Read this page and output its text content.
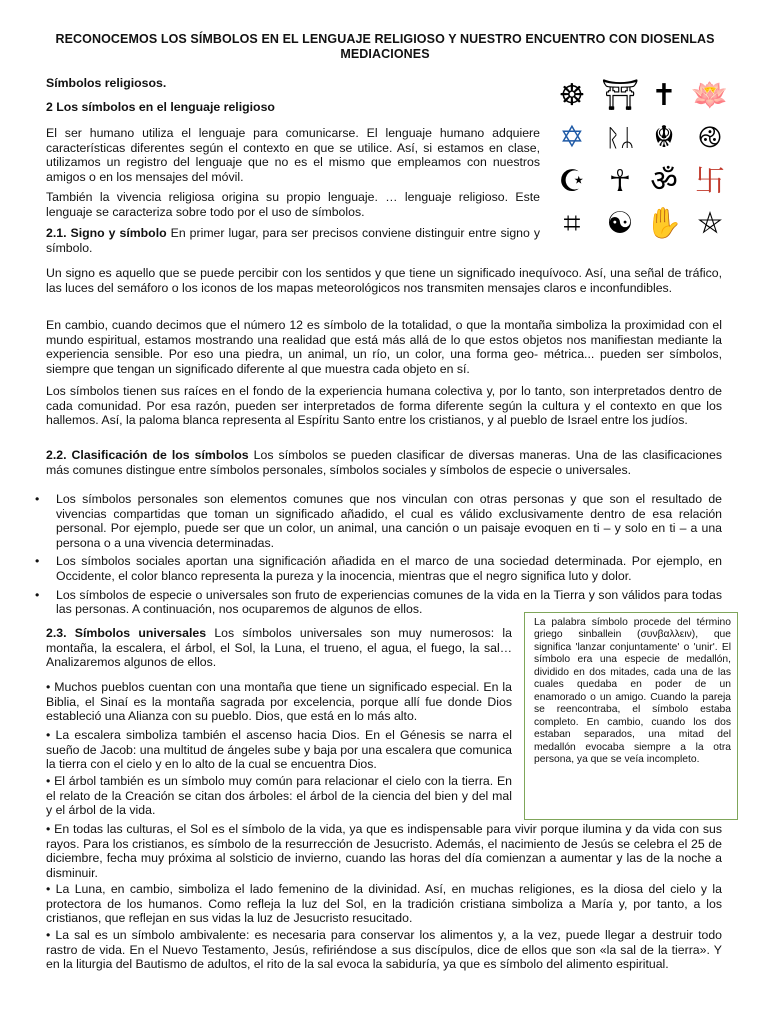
RECONOCEMOS LOS SÍMBOLOS EN EL LENGUAJE RELIGIOSO Y NUESTRO ENCUENTRO CON DIOSENLAS MEDIACIONES

Símbolos religiosos.

2 Los símbolos en el lenguaje religioso

El ser humano utiliza el lenguaje para comunicarse. El lenguaje humano adquiere características diferentes según el contexto en que se utilice. Así, si estamos en clase, utilizamos un registro del lenguaje que no es el mismo que empleamos con nuestros amigos o en los mensajes del móvil.

También la vivencia religiosa origina su propio lenguaje. … lenguaje religioso. Este lenguaje se caracteriza sobre todo por el uso de símbolos.

2.1. Signo y símbolo En primer lugar, para ser precisos conviene distinguir entre signo y símbolo.

Un signo es aquello que se puede percibir con los sentidos y que tiene un significado inequívoco. Así, una señal de tráfico, las luces del semáforo o los iconos de los mapas meteorológicos nos transmiten mensajes claros e inconfundibles.

En cambio, cuando decimos que el número 12 es símbolo de la totalidad, o que la montaña simboliza la proximidad con el mundo espiritual, estamos mostrando una realidad que está más allá de lo que estos objetos nos manifiestan mediante la experiencia sensible. Por eso una piedra, un animal, un río, un color, una forma geo- métrica... pueden ser símbolos, siempre que tengan un significado diferente al que muestra cada objeto en sí.

Los símbolos tienen sus raíces en el fondo de la experiencia humana colectiva y, por lo tanto, son interpretados dentro de cada comunidad. Por esa razón, pueden ser interpretados de forma diferente según la cultura y el contexto en que los hallemos. Así, la paloma blanca representa al Espíritu Santo entre los cristianos, y al pueblo de Israel entre los judíos.

2.2. Clasificación de los símbolos Los símbolos se pueden clasificar de diversas maneras. Una de las clasificaciones más comunes distingue entre símbolos personales, símbolos sociales y símbolos de especie o universales.

• Los símbolos personales son elementos comunes que nos vinculan con otras personas y que son el resultado de vivencias compartidas que toman un significado añadido, el cual es válido exclusivamente dentro de esa relación personal. Por ejemplo, puede ser que un color, un animal, una canción o un paisaje evoquen en ti – y solo en ti – a una persona o a una vivencia determinadas.
• Los símbolos sociales aportan una significación añadida en el marco de una sociedad determinada. Por ejemplo, en Occidente, el color blanco representa la pureza y la inocencia, mientras que el negro significa luto y dolor.
• Los símbolos de especie o universales son fruto de experiencias comunes de la vida en la Tierra y son válidos para todas las personas. A continuación, nos ocuparemos de algunos de ellos.

2.3. Símbolos universales Los símbolos universales son muy numerosos: la montaña, la escalera, el árbol, el Sol, la Luna, el trueno, el agua, el fuego, la sal… Analizaremos algunos de ellos.

• Muchos pueblos cuentan con una montaña que tiene un significado especial. En la Biblia, el Sinaí es la montaña sagrada por excelencia, porque allí fue donde Dios estableció una Alianza con su pueblo. Dios, que está en lo más alto.

• La escalera simboliza también el ascenso hacia Dios. En el Génesis se narra el sueño de Jacob: una multitud de ángeles sube y baja por una escalera que comunica la tierra con el cielo y en lo alto de la cual se encuentra Dios.

• El árbol también es un símbolo muy común para relacionar el cielo con la tierra. En el relato de la Creación se citan dos árboles: el árbol de la ciencia del bien y del mal y el árbol de la vida.

• En todas las culturas, el Sol es el símbolo de la vida, ya que es indispensable para vivir porque ilumina y da vida con sus rayos. Para los cristianos, es símbolo de la resurrección de Jesucristo. Además, el nacimiento de Jesús se celebra el 25 de diciembre, fecha muy próxima al solsticio de invierno, cuando las horas del día comienzan a aumentar y las de la noche a disminuir.

• La Luna, en cambio, simboliza el lado femenino de la divinidad. Así, en muchas religiones, es la diosa del cielo y la protectora de los humanos. Como refleja la luz del Sol, en la tradición cristiana simboliza a María y, por tanto, a los cristianos, que reflejan en sus vidas la luz de Jesucristo resucitado.

• La sal es un símbolo ambivalente: es necesaria para conservar los alimentos y, a la vez, puede llegar a destruir todo rastro de vida. En el Nuevo Testamento, Jesús, refiriéndose a sus discípulos, dice de ellos que son «la sal de la tierra». Y en la liturgia del Bautismo de adultos, el rito de la sal evoca la sabiduría, ya que es símbolo del alimento espiritual.

La palabra símbolo procede del término griego sinballein (συνβαλλειν), que significa 'lanzar conjuntamente' o 'unir'. El símbolo era una especie de medallón, dividido en dos mitades, cada una de las cuales quedaba en poder de un enamorado o un amigo. Cuando la pareja se reencontraba, el símbolo estaba completo. En cambio, cuando los dos estaban separados, una mitad del medallón evocaba siempre a la otra persona, ya que se veía incompleto.
☸ ⛩ ✝ 🪷
✡ ᚱᛦ ☬ ࿋
☪ ☥ ॐ 卐
⌗ ☯ ✋ ⛤
